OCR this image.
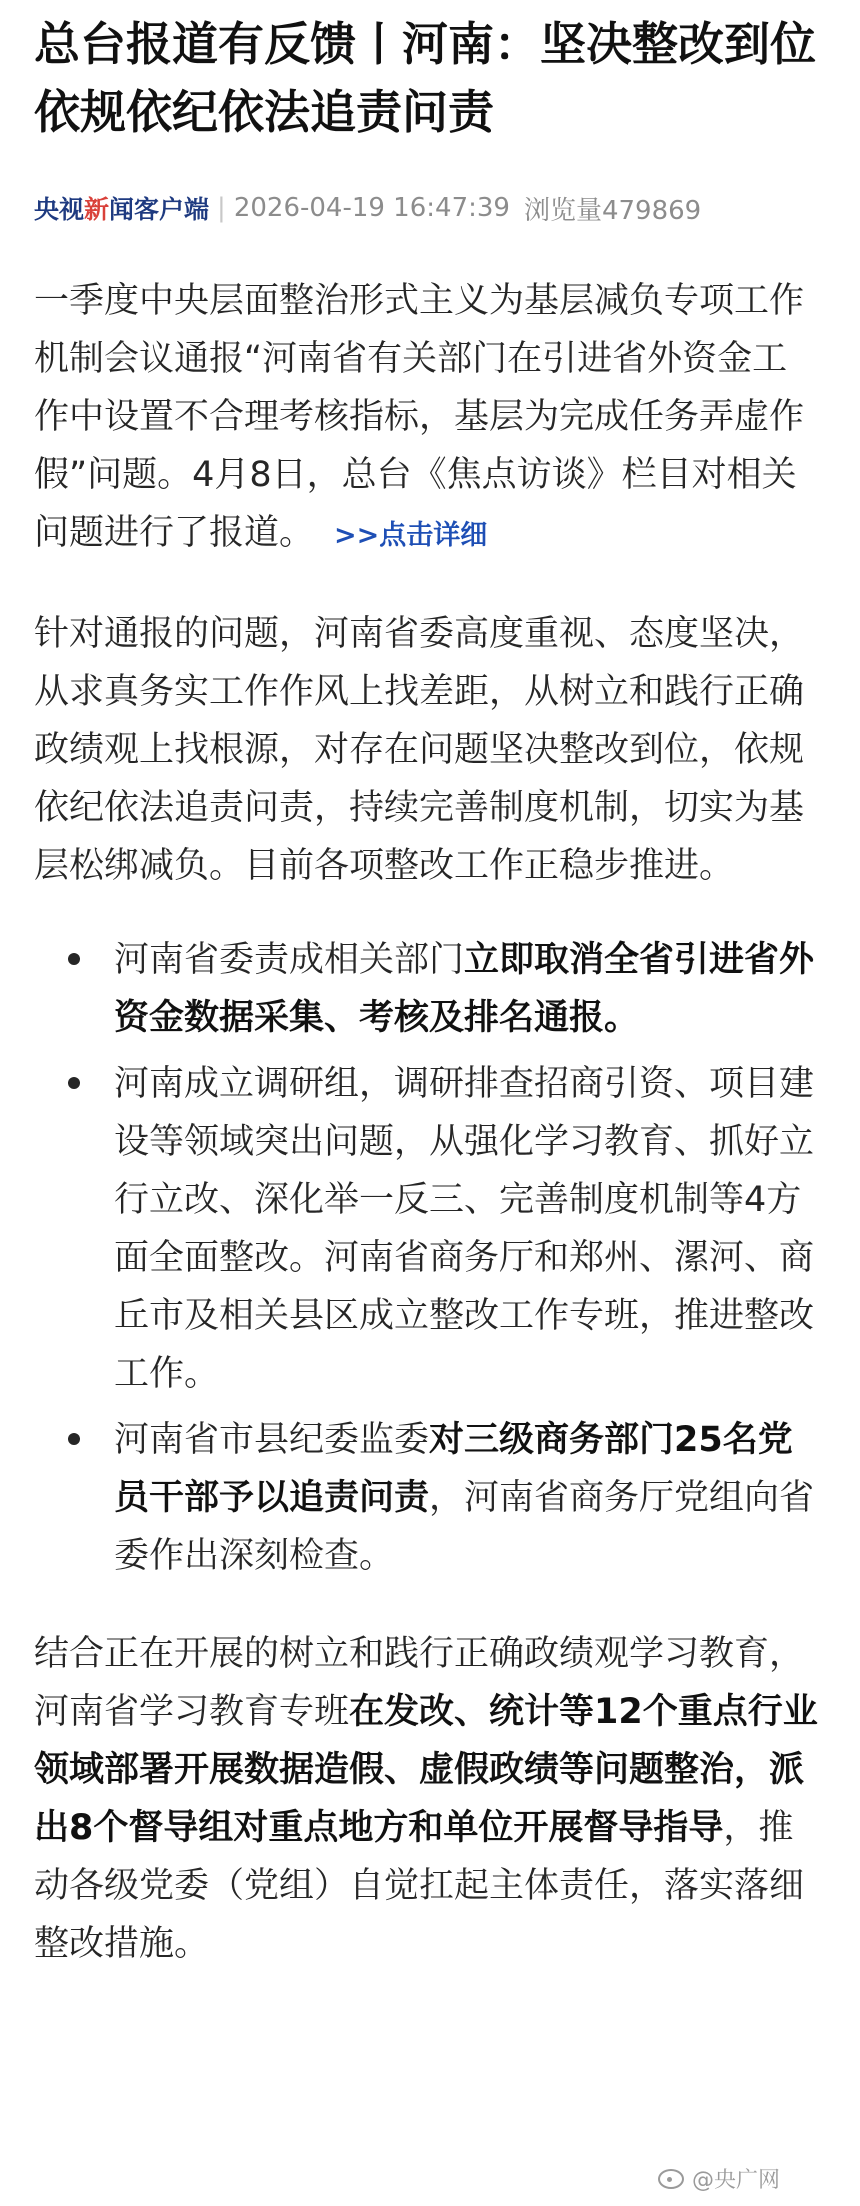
总台报道有反馈丨河南：坚决整改到位 依规依纪依法追责问责
央视新闻客户端 | 2026-04-19 16:47:39 浏览量479869

一季度中央层面整治形式主义为基层减负专项工作机制会议通报“河南省有关部门在引进省外资金工作中设置不合理考核指标，基层为完成任务弄虚作假”问题。4月8日，总台《焦点访谈》栏目对相关问题进行了报道。 >>点击详细

针对通报的问题，河南省委高度重视、态度坚决，从求真务实工作作风上找差距，从树立和践行正确政绩观上找根源，对存在问题坚决整改到位，依规依纪依法追责问责，持续完善制度机制，切实为基层松绑减负。目前各项整改工作正稳步推进。

河南省委责成相关部门立即取消全省引进省外资金数据采集、考核及排名通报。
河南成立调研组，调研排查招商引资、项目建设等领域突出问题，从强化学习教育、抓好立行立改、深化举一反三、完善制度机制等4方面全面整改。河南省商务厅和郑州、漯河、商丘市及相关县区成立整改工作专班，推进整改工作。
河南省市县纪委监委对三级商务部门25名党员干部予以追责问责，河南省商务厅党组向省委作出深刻检查。

结合正在开展的树立和践行正确政绩观学习教育，河南省学习教育专班在发改、统计等12个重点行业领域部署开展数据造假、虚假政绩等问题整治，派出8个督导组对重点地方和单位开展督导指导，推动各级党委（党组）自觉扛起主体责任，落实落细整改措施。

@央广网
